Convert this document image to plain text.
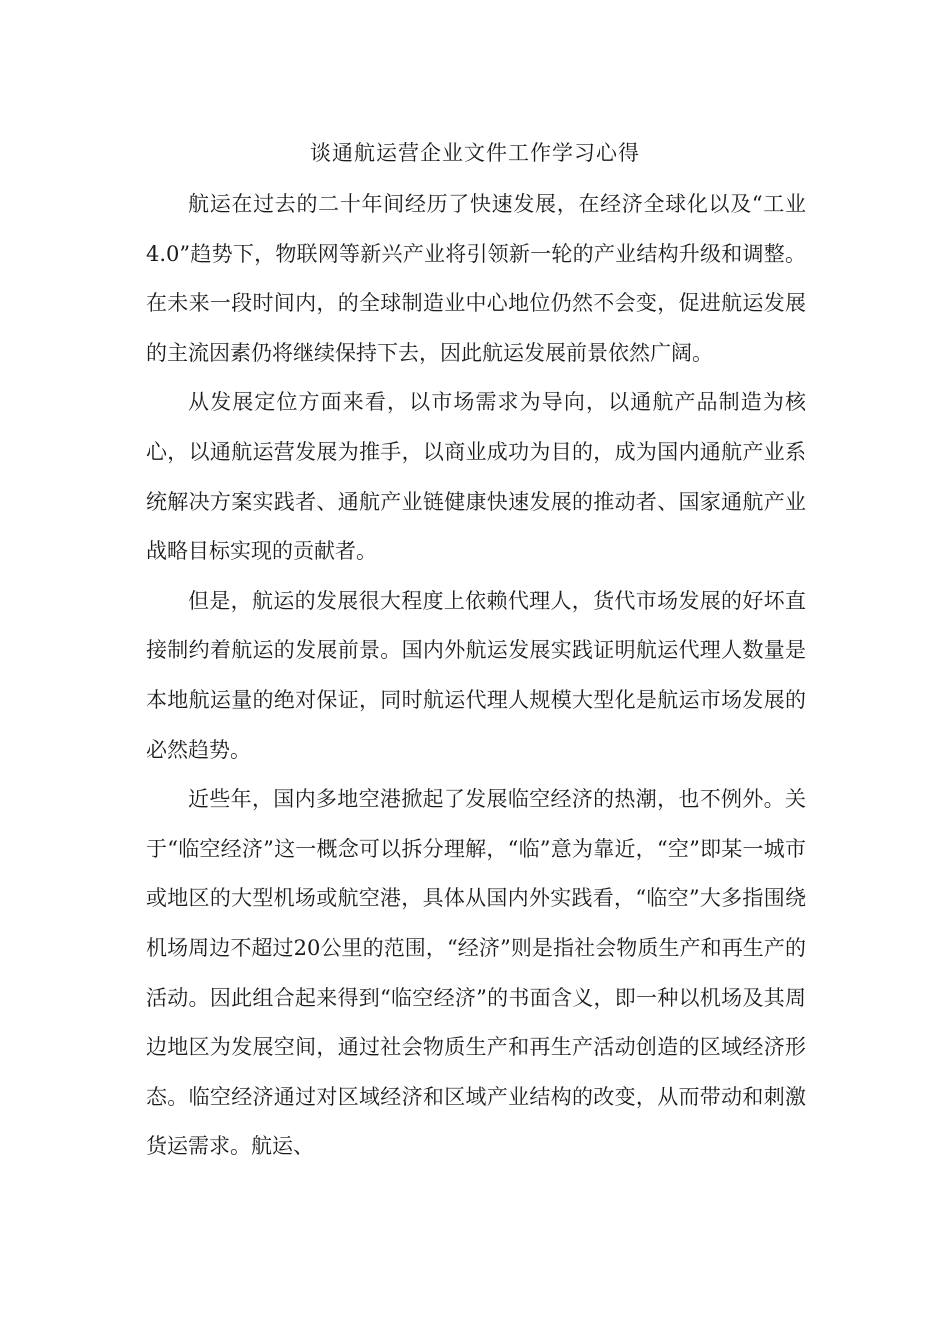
谈通航运营企业文件工作学习心得

航运在过去的二十年间经历了快速发展，在经济全球化以及“工业4.0”趋势下，物联网等新兴产业将引领新一轮的产业结构升级和调整。在未来一段时间内，的全球制造业中心地位仍然不会变，促进航运发展的主流因素仍将继续保持下去，因此航运发展前景依然广阔。

从发展定位方面来看，以市场需求为导向，以通航产品制造为核心，以通航运营发展为推手，以商业成功为目的，成为国内通航产业系统解决方案实践者、通航产业链健康快速发展的推动者、国家通航产业战略目标实现的贡献者。

但是，航运的发展很大程度上依赖代理人，货代市场发展的好坏直接制约着航运的发展前景。国内外航运发展实践证明航运代理人数量是本地航运量的绝对保证，同时航运代理人规模大型化是航运市场发展的必然趋势。

近些年，国内多地空港掀起了发展临空经济的热潮，也不例外。关于“临空经济”这一概念可以拆分理解，“临”意为靠近，“空”即某一城市或地区的大型机场或航空港，具体从国内外实践看，“临空”大多指围绕机场周边不超过20公里的范围，“经济”则是指社会物质生产和再生产的活动。因此组合起来得到“临空经济”的书面含义，即一种以机场及其周边地区为发展空间，通过社会物质生产和再生产活动创造的区域经济形态。临空经济通过对区域经济和区域产业结构的改变，从而带动和刺激货运需求。航运、
